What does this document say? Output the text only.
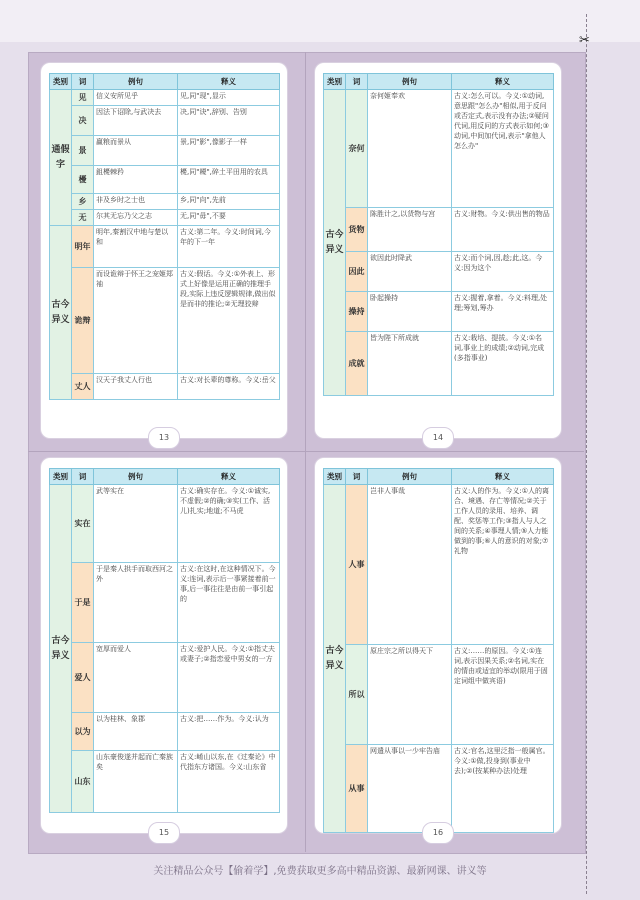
✂
类别	词	例句	释义
通假字	见	信义安所见乎	见,同"现",显示
	决	因法下诏除,与武决去	决,同"诀",辞别、告别
	景	赢粮而景从	景,同"影",像影子一样
	櫌	鉏櫌棘矜	櫌,同"耰",碎土平田用的农具
	乡	非及乡时之士也	乡,同"向",先前
	无	尔其无忘乃父之志	无,同"毋",不要
古今异义	明年	明年,秦割汉中地与楚以和	古义:第二年。今义:时间词,今年的下一年
	诡辩	而设诡辩于怀王之宠姬郑袖	古义:假话。今义:①外表上、形式上好像是运用正确的推理手段,实际上违反逻辑规律,做出似是而非的推论;②无理狡辩
	丈人	汉天子我丈人行也	古义:对长辈的尊称。今义:岳父
13
类别	词	例句	释义
古今异义	奈何	奈何姬奉欢	古义:怎么可以。今义:①动词,意思跟"怎么办"相似,用于反问或否定式,表示没有办法;②疑问代词,用反问的方式表示如何;③动词,中间加代词,表示"拿他人怎么办"
	货物	陈胜计之,以货物与宫	古义:财物。今义:供出售的物品
	因此	欲因此时降武	古义:而个词,因,趁;此,这。今义:因为这个
	操持	卧起操持	古义:握着,拿着。今义:料理,处理;筹划,筹办
	成就	皆为陛下所成就	古义:栽培、提拔。今义:①名词,事业上的成绩;②动词,完成(多指事业)
14
类别	词	例句	释义
古今异义	实在	武等实在	古义:确实存在。今义:①诚实,不虚假;②的确;③实(工作、活儿)扎实;地道;不马虎
	于是	于是秦人拱手而取西河之外	古义:在这时,在这种情况下。今义:连词,表示后一事紧接着前一事,后一事往往是由前一事引起的
	爱人	宽厚而爱人	古义:爱护人民。今义:①指丈夫或妻子;②指恋爱中男女的一方
	以为	以为桂林、象郡	古义:把……作为。今义:认为
	山东	山东豪俊遂并起而亡秦族矣	古义:崤山以东,在《过秦论》中代指东方诸国。今义:山东省
15
类别	词	例句	释义
古今异义	人事	岂非人事哉	古义:人的作为。今义:①人的离合、境遇、存亡等情况;②关于工作人员的录用、培养、调配、奖惩等工作;③指人与人之间的关系;④事理人情;⑤人力能做到的事;⑥人的意识的对象;⑦礼物
	所以	原庄宗之所以得天下	古义:……的原因。今义:①连词,表示因果关系;②名词,实在的情由或适宜的举动(限用于固定词组中做宾语)
	从事	网遣从事以一少牢告庙	古义:官名,这里泛指一般属官。今义:①做,投身到(事业中去);②(按某种办法)处理
16
关注精品公众号【偷着学】,免费获取更多高中精品资源、最新网课、讲义等
